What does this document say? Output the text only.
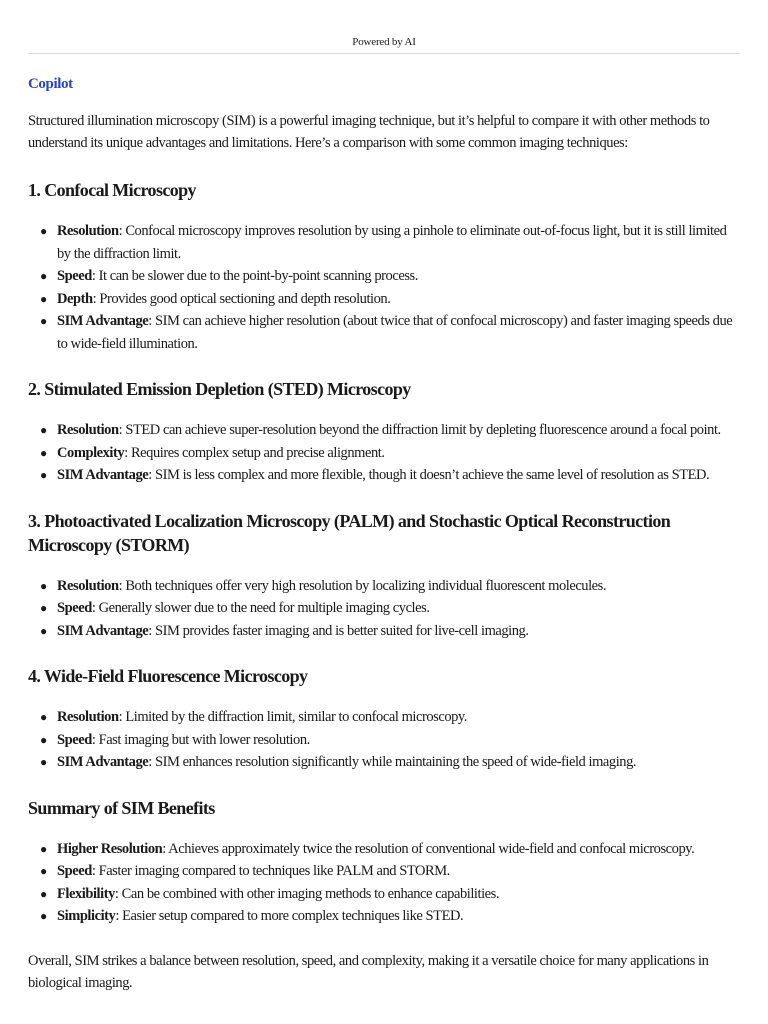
Powered by AI
Copilot

Structured illumination microscopy (SIM) is a powerful imaging technique, but it’s helpful to compare it with other methods to understand its unique advantages and limitations. Here’s a comparison with some common imaging techniques:

1. Confocal Microscopy
● Resolution: Confocal microscopy improves resolution by using a pinhole to eliminate out-of-focus light, but it is still limited by the diffraction limit.
● Speed: It can be slower due to the point-by-point scanning process.
● Depth: Provides good optical sectioning and depth resolution.
● SIM Advantage: SIM can achieve higher resolution (about twice that of confocal microscopy) and faster imaging speeds due to wide-field illumination.
2. Stimulated Emission Depletion (STED) Microscopy
● Resolution: STED can achieve super-resolution beyond the diffraction limit by depleting fluorescence around a focal point.
● Complexity: Requires complex setup and precise alignment.
● SIM Advantage: SIM is less complex and more flexible, though it doesn’t achieve the same level of resolution as STED.
3. Photoactivated Localization Microscopy (PALM) and Stochastic Optical Reconstruction Microscopy (STORM)
● Resolution: Both techniques offer very high resolution by localizing individual fluorescent molecules.
● Speed: Generally slower due to the need for multiple imaging cycles.
● SIM Advantage: SIM provides faster imaging and is better suited for live-cell imaging.
4. Wide-Field Fluorescence Microscopy
● Resolution: Limited by the diffraction limit, similar to confocal microscopy.
● Speed: Fast imaging but with lower resolution.
● SIM Advantage: SIM enhances resolution significantly while maintaining the speed of wide-field imaging.
Summary of SIM Benefits
● Higher Resolution: Achieves approximately twice the resolution of conventional wide-field and confocal microscopy.
● Speed: Faster imaging compared to techniques like PALM and STORM.
● Flexibility: Can be combined with other imaging methods to enhance capabilities.
● Simplicity: Easier setup compared to more complex techniques like STED.

Overall, SIM strikes a balance between resolution, speed, and complexity, making it a versatile choice for many applications in biological imaging.
